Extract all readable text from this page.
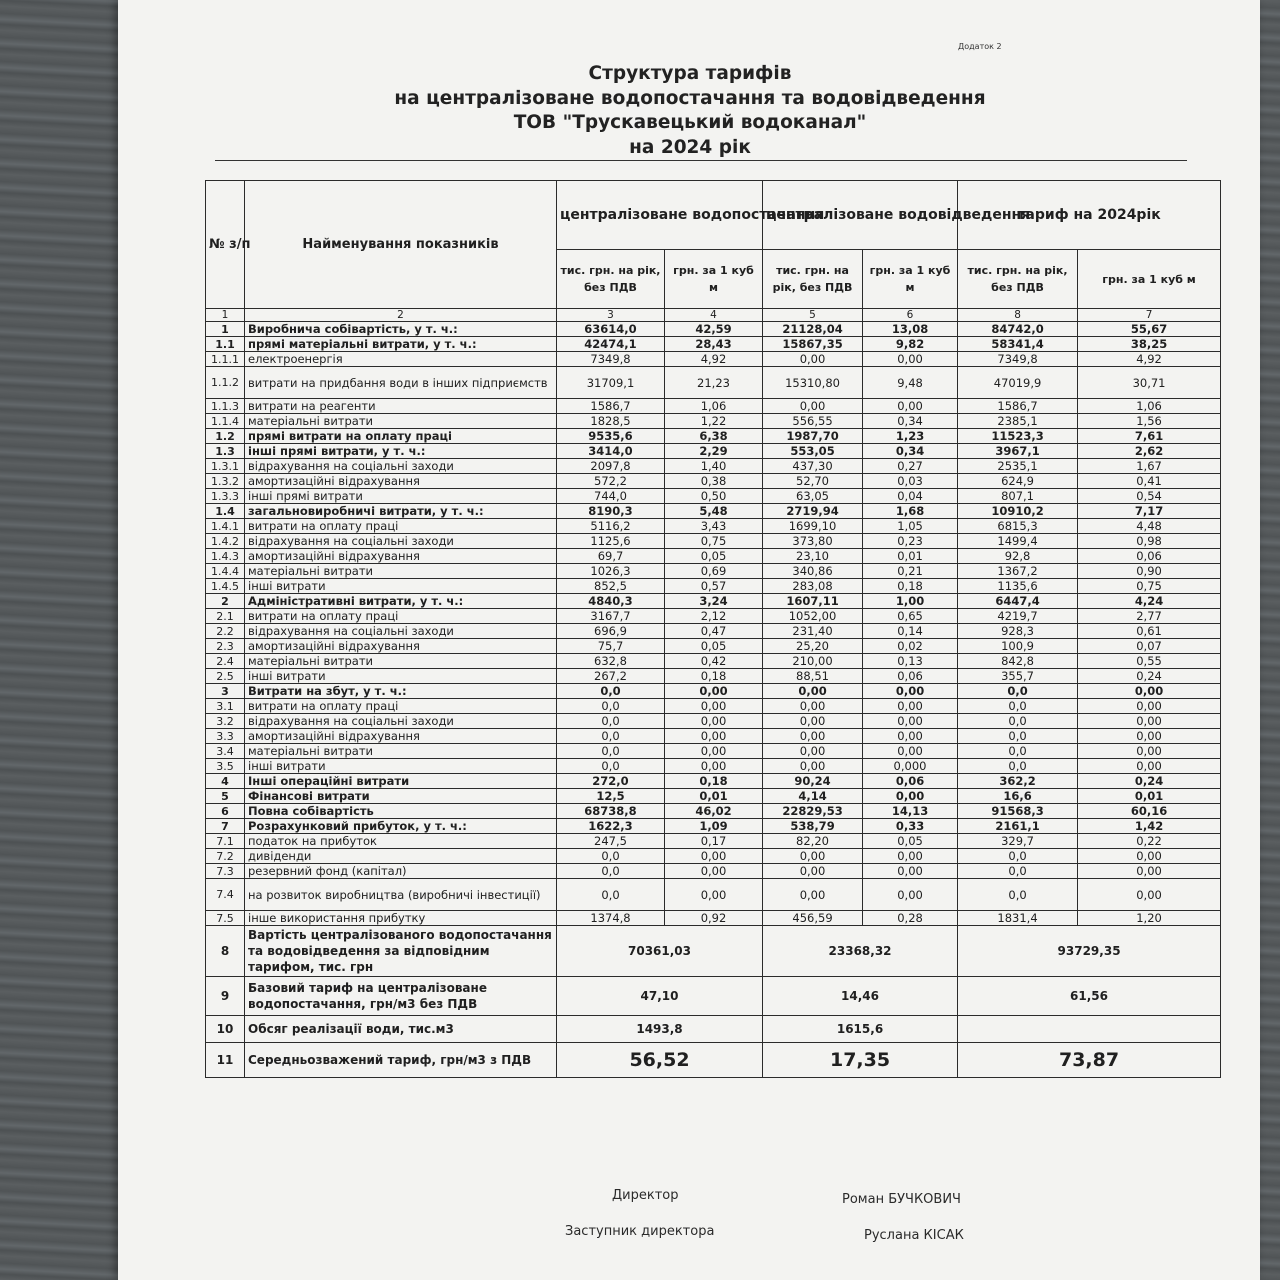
Додаток 2
Структура тарифів
на централізоване водопостачання та водовідведення
ТОВ "Трускавецький водоканал"
на 2024 рік
№ з/п	Найменування показників	централізоване водопостачання		централізоване водовідведення		тариф на 2024рік	
		тис. грн. на рік, без ПДВ	грн. за 1 куб м	тис. грн. на рік, без ПДВ	грн. за 1 куб м	тис. грн. на рік, без ПДВ	грн. за 1 куб м
1	2	3	4	5	6	8	7
1	Виробнича собівартість, у т. ч.:	63614,0	42,59	21128,04	13,08	84742,0	55,67
1.1	прямі матеріальні витрати, у т. ч.:	42474,1	28,43	15867,35	9,82	58341,4	38,25
1.1.1	електроенергія	7349,8	4,92	0,00	0,00	7349,8	4,92
1.1.2	витрати на придбання води в інших підприємств	31709,1	21,23	15310,80	9,48	47019,9	30,71
1.1.3	витрати на реагенти	1586,7	1,06	0,00	0,00	1586,7	1,06
1.1.4	матеріальні витрати	1828,5	1,22	556,55	0,34	2385,1	1,56
1.2	прямі витрати на оплату праці	9535,6	6,38	1987,70	1,23	11523,3	7,61
1.3	інші прямі витрати, у т. ч.:	3414,0	2,29	553,05	0,34	3967,1	2,62
1.3.1	відрахування на соціальні заходи	2097,8	1,40	437,30	0,27	2535,1	1,67
1.3.2	амортизаційні відрахування	572,2	0,38	52,70	0,03	624,9	0,41
1.3.3	інші прямі витрати	744,0	0,50	63,05	0,04	807,1	0,54
1.4	загальновиробничі витрати, у т. ч.:	8190,3	5,48	2719,94	1,68	10910,2	7,17
1.4.1	витрати на оплату праці	5116,2	3,43	1699,10	1,05	6815,3	4,48
1.4.2	відрахування на соціальні заходи	1125,6	0,75	373,80	0,23	1499,4	0,98
1.4.3	амортизаційні відрахування	69,7	0,05	23,10	0,01	92,8	0,06
1.4.4	матеріальні витрати	1026,3	0,69	340,86	0,21	1367,2	0,90
1.4.5	інші витрати	852,5	0,57	283,08	0,18	1135,6	0,75
2	Адміністративні витрати, у т. ч.:	4840,3	3,24	1607,11	1,00	6447,4	4,24
2.1	витрати на оплату праці	3167,7	2,12	1052,00	0,65	4219,7	2,77
2.2	відрахування на соціальні заходи	696,9	0,47	231,40	0,14	928,3	0,61
2.3	амортизаційні відрахування	75,7	0,05	25,20	0,02	100,9	0,07
2.4	матеріальні витрати	632,8	0,42	210,00	0,13	842,8	0,55
2.5	інші витрати	267,2	0,18	88,51	0,06	355,7	0,24
3	Витрати на збут, у т. ч.:	0,0	0,00	0,00	0,00	0,0	0,00
3.1	витрати на оплату праці	0,0	0,00	0,00	0,00	0,0	0,00
3.2	відрахування на соціальні заходи	0,0	0,00	0,00	0,00	0,0	0,00
3.3	амортизаційні відрахування	0,0	0,00	0,00	0,00	0,0	0,00
3.4	матеріальні витрати	0,0	0,00	0,00	0,00	0,0	0,00
3.5	інші витрати	0,0	0,00	0,00	0,000	0,0	0,00
4	Інші операційні витрати	272,0	0,18	90,24	0,06	362,2	0,24
5	Фінансові витрати	12,5	0,01	4,14	0,00	16,6	0,01
6	Повна собівартість	68738,8	46,02	22829,53	14,13	91568,3	60,16
7	Розрахунковий прибуток, у т. ч.:	1622,3	1,09	538,79	0,33	2161,1	1,42
7.1	податок на прибуток	247,5	0,17	82,20	0,05	329,7	0,22
7.2	дивіденди	0,0	0,00	0,00	0,00	0,0	0,00
7.3	резервний фонд (капітал)	0,0	0,00	0,00	0,00	0,0	0,00
7.4	на розвиток виробництва (виробничі інвестиції)	0,0	0,00	0,00	0,00	0,0	0,00
7.5	інше використання прибутку	1374,8	0,92	456,59	0,28	1831,4	1,20
8	Вартість централізованого водопостачання та водовідведення за відповідним тарифом, тис. грн	70361,03		23368,32		93729,35	
9	Базовий тариф на централізоване водопостачання, грн/м3 без ПДВ	47,10		14,46		61,56	
10	Обсяг реалізації води, тис.м3	1493,8		1615,6			
11	Середньозважений тариф, грн/м3 з ПДВ	56,52		17,35		73,87	
Директор	Роман БУЧКОВИЧ
Заступник директора	Руслана КІСАК
